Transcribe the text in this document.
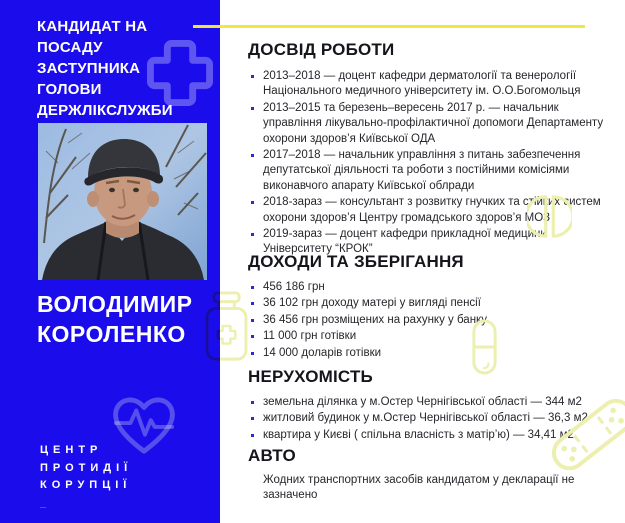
КАНДИДАТ НА ПОСАДУ
ЗАСТУПНИКА ГОЛОВИ
ДЕРЖЛІКСЛУЖБИ
ВОЛОДИМИР
КОРОЛЕНКО
ЦЕНТР
ПРОТИДІЇ
КОРУПЦІЇ
_
ДОСВІД РОБОТИ
2013–2018 — доцент кафедри дерматології та венерології Національного медичного університету ім. О.О.Богомольця
2013–2015 та березень–вересень 2017 р. — начальник управління лікувально-профілактичної допомоги Департаменту охорони здоров’я Київської ОДА
2017–2018 — начальник управління з питань забезпечення депутатської діяльності та роботи з постійними комісіями виконавчого апарату Київської облради
2018-зараз — консультант з розвитку гнучких та стійких систем охорони здоров’я Центру громадського здоров’я МОЗ
2019-зараз — доцент кафедри прикладної медицини Університету “КРОК”
ДОХОДИ ТА ЗБЕРІГАННЯ
456 186 грн
36 102 грн доходу матері у вигляді пенсії
36 456 грн розміщених на рахунку у банку
11 000 грн готівки
14 000 доларів готівки
НЕРУХОМІСТЬ
земельна ділянка у м.Остер Чернігівської області — 344 м2
житловий будинок у м.Остер Чернігівської області — 36,3 м2
квартира у Києві ( спільна власність з матір’ю) — 34,41 м2
АВТО

Жодних транспортних засобів кандидатом у декларації не зазначено
